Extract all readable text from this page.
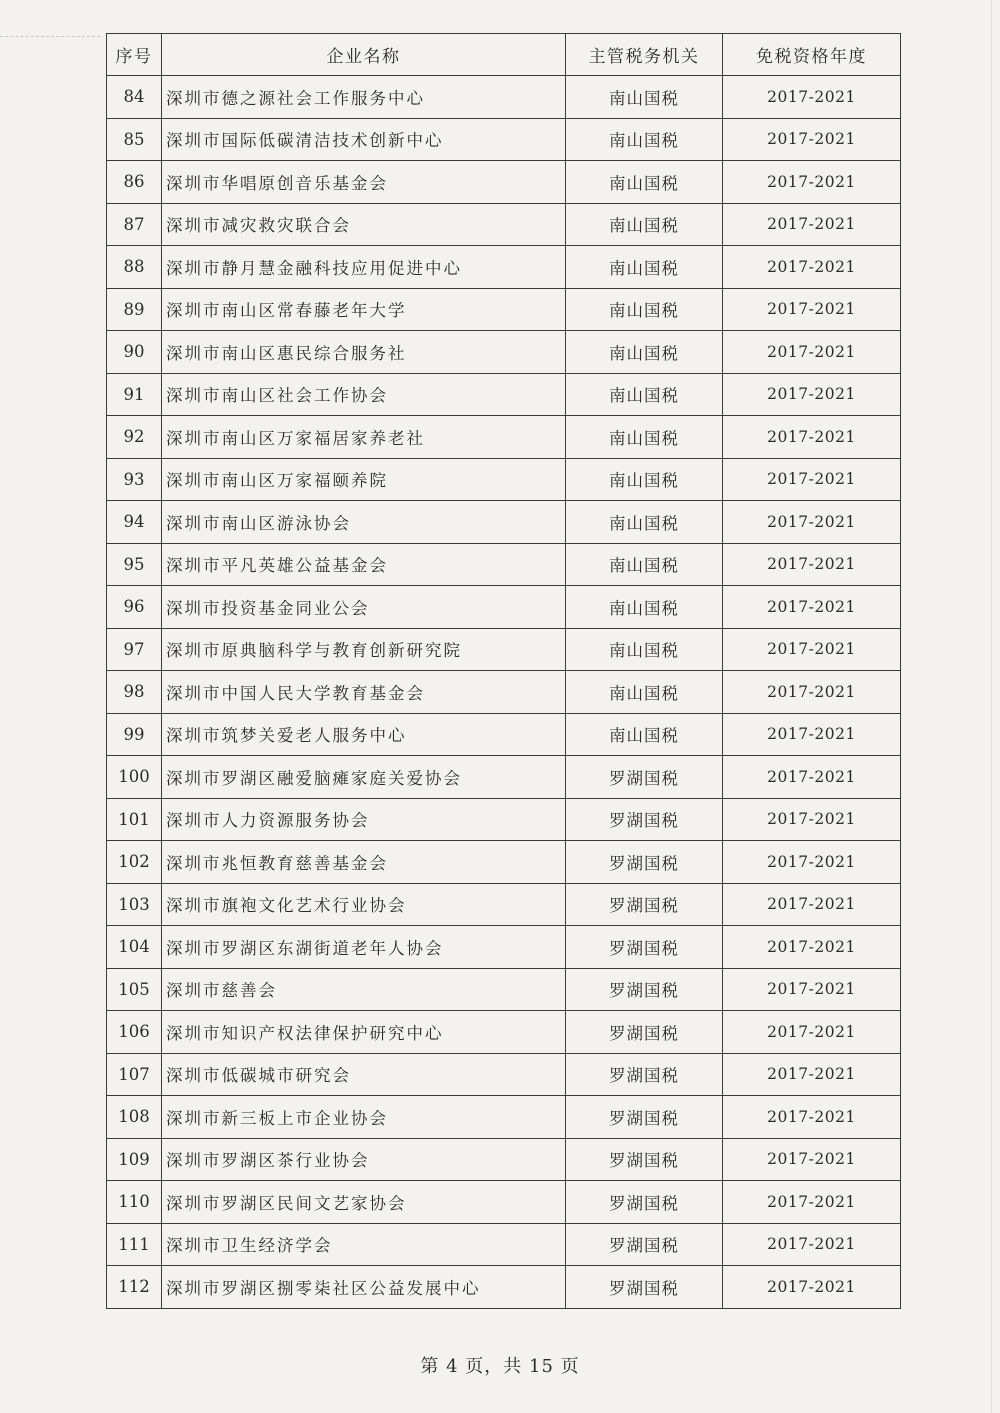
序号	企业名称	主管税务机关	免税资格年度
84	深圳市德之源社会工作服务中心	南山国税	2017-2021
85	深圳市国际低碳清洁技术创新中心	南山国税	2017-2021
86	深圳市华唱原创音乐基金会	南山国税	2017-2021
87	深圳市减灾救灾联合会	南山国税	2017-2021
88	深圳市静月慧金融科技应用促进中心	南山国税	2017-2021
89	深圳市南山区常春藤老年大学	南山国税	2017-2021
90	深圳市南山区惠民综合服务社	南山国税	2017-2021
91	深圳市南山区社会工作协会	南山国税	2017-2021
92	深圳市南山区万家福居家养老社	南山国税	2017-2021
93	深圳市南山区万家福颐养院	南山国税	2017-2021
94	深圳市南山区游泳协会	南山国税	2017-2021
95	深圳市平凡英雄公益基金会	南山国税	2017-2021
96	深圳市投资基金同业公会	南山国税	2017-2021
97	深圳市原典脑科学与教育创新研究院	南山国税	2017-2021
98	深圳市中国人民大学教育基金会	南山国税	2017-2021
99	深圳市筑梦关爱老人服务中心	南山国税	2017-2021
100	深圳市罗湖区融爱脑瘫家庭关爱协会	罗湖国税	2017-2021
101	深圳市人力资源服务协会	罗湖国税	2017-2021
102	深圳市兆恒教育慈善基金会	罗湖国税	2017-2021
103	深圳市旗袍文化艺术行业协会	罗湖国税	2017-2021
104	深圳市罗湖区东湖街道老年人协会	罗湖国税	2017-2021
105	深圳市慈善会	罗湖国税	2017-2021
106	深圳市知识产权法律保护研究中心	罗湖国税	2017-2021
107	深圳市低碳城市研究会	罗湖国税	2017-2021
108	深圳市新三板上市企业协会	罗湖国税	2017-2021
109	深圳市罗湖区茶行业协会	罗湖国税	2017-2021
110	深圳市罗湖区民间文艺家协会	罗湖国税	2017-2021
111	深圳市卫生经济学会	罗湖国税	2017-2021
112	深圳市罗湖区捌零柒社区公益发展中心	罗湖国税	2017-2021
第 4 页，共 15 页
